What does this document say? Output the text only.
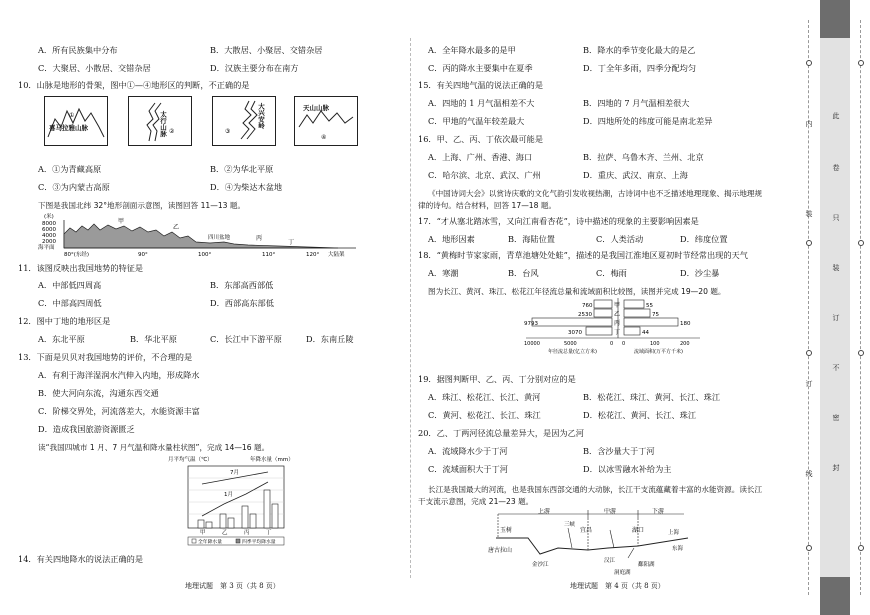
A．所有民族集中分布	B．大散居、小聚居、交错杂居
C．大聚居、小散居、交错杂居	D．汉族主要分布在南方
10．山脉是地形的骨架，图中①—④地形区的判断，不正确的是
①
喜马拉雅山脉	②
太行山脉	③
大兴安岭
④
天山山脉
A．①为青藏高原	B．②为华北平原
C．③为内蒙古高原	D．④为柴达木盆地
下图是我国北纬 32°地形剖面示意图，读图回答 11—13 题。
(米)
8000
6000
4000
2000
海平面
甲
乙
四川盆地	丙
丁
大陆架
80°(东经)	90°	100°	110°	120°
11．该图反映出我国地势的特征是
A．中部低四周高	B．东部高西部低
C．中部高四周低	D．西部高东部低
12．图中丁地的地形区是
A．东北平原	B．华北平原	C．长江中下游平原	D．东南丘陵
13．下面是贝贝对我国地势的评价，不合理的是
A．有利于海洋湿润水汽伸入内地，形成降水
B．使大河向东流，沟通东西交通
C．阶梯交界处，河流落差大，水能资源丰富
D．造成我国旅游资源匮乏
读“我国四城市 1 月、7 月气温和降水量柱状图”，完成 14—16 题。
月平均气温（℃）	年降水量（mm）
7月
1月
甲	乙	丙	丁
全年降水量	四季平均降水量
14．有关四地降水的说法正确的是
地理试题　第 3 页（共 8 页）
A．全年降水最多的是甲	B．降水的季节变化最大的是乙
C．丙的降水主要集中在夏季	D．丁全年多雨，四季分配均匀
15．有关四地气温的说法正确的是
A．四地的 1 月气温相差不大	B．四地的 7 月气温相差很大
C．甲地的气温年较差最大	D．四地所处的纬度可能是南北差异
16．甲、乙、丙、丁依次最可能是
A．上海、广州、香港、海口	B．拉萨、乌鲁木齐、兰州、北京
C．哈尔滨、北京、武汉、广州	D．重庆、武汉、南京、上海
《中国诗词大会》以赏诗庆歌的文化气韵引发收视热潮，古诗词中也不乏描述地理现象、揭示地理规
律的诗句。结合材料，回答 17—18 题。
17．“才从塞北踏冰雪，又向江南看杏花”，诗中描述的现象的主要影响因素是
A．地形因素	B．海陆位置	C．人类活动	D．纬度位置
18．“黄梅时节家家雨，青草池塘处处蛙”，描述的是我国江淮地区夏初时节经常出现的天气
A．寒潮	B．台风	C．梅雨	D．沙尘暴
图为长江、黄河、珠江、松花江年径流总量和流域面积比较图，读图并完成 19—20 题。
760
2530
9793
3070
55
75
180
44
甲
乙
丙
丁
10000	5000	0 0	100	200
年径流总量(亿立方米)	流域面积(万平方千米)
19．据图判断甲、乙、丙、丁分别对应的是
A．珠江、松花江、长江、黄河	B．松花江、珠江、黄河、长江、珠江
C．黄河、松花江、长江、珠江	D．松花江、黄河、长江、珠江
20．乙、丁两河径流总量差异大，是因为乙河
A．流域降水少于丁河	B．含沙量大于丁河
C．流域面积大于丁河	D．以冰雪融水补给为主
长江是我国最大的河流，也是我国东西部交通的大动脉，长江干支流蕴藏着丰富的水能资源。读长江
干支流示意图，完成 21—23 题。
上游	中游	下游
玉树	宜昌	湖口
唐古拉山
金沙江
三峡
汉江
鄱阳湖
洞庭湖
东海
上海
地理试题　第 4 页（共 8 页）
内
装
订
线
此
卷
只
装
订
不
密
封
